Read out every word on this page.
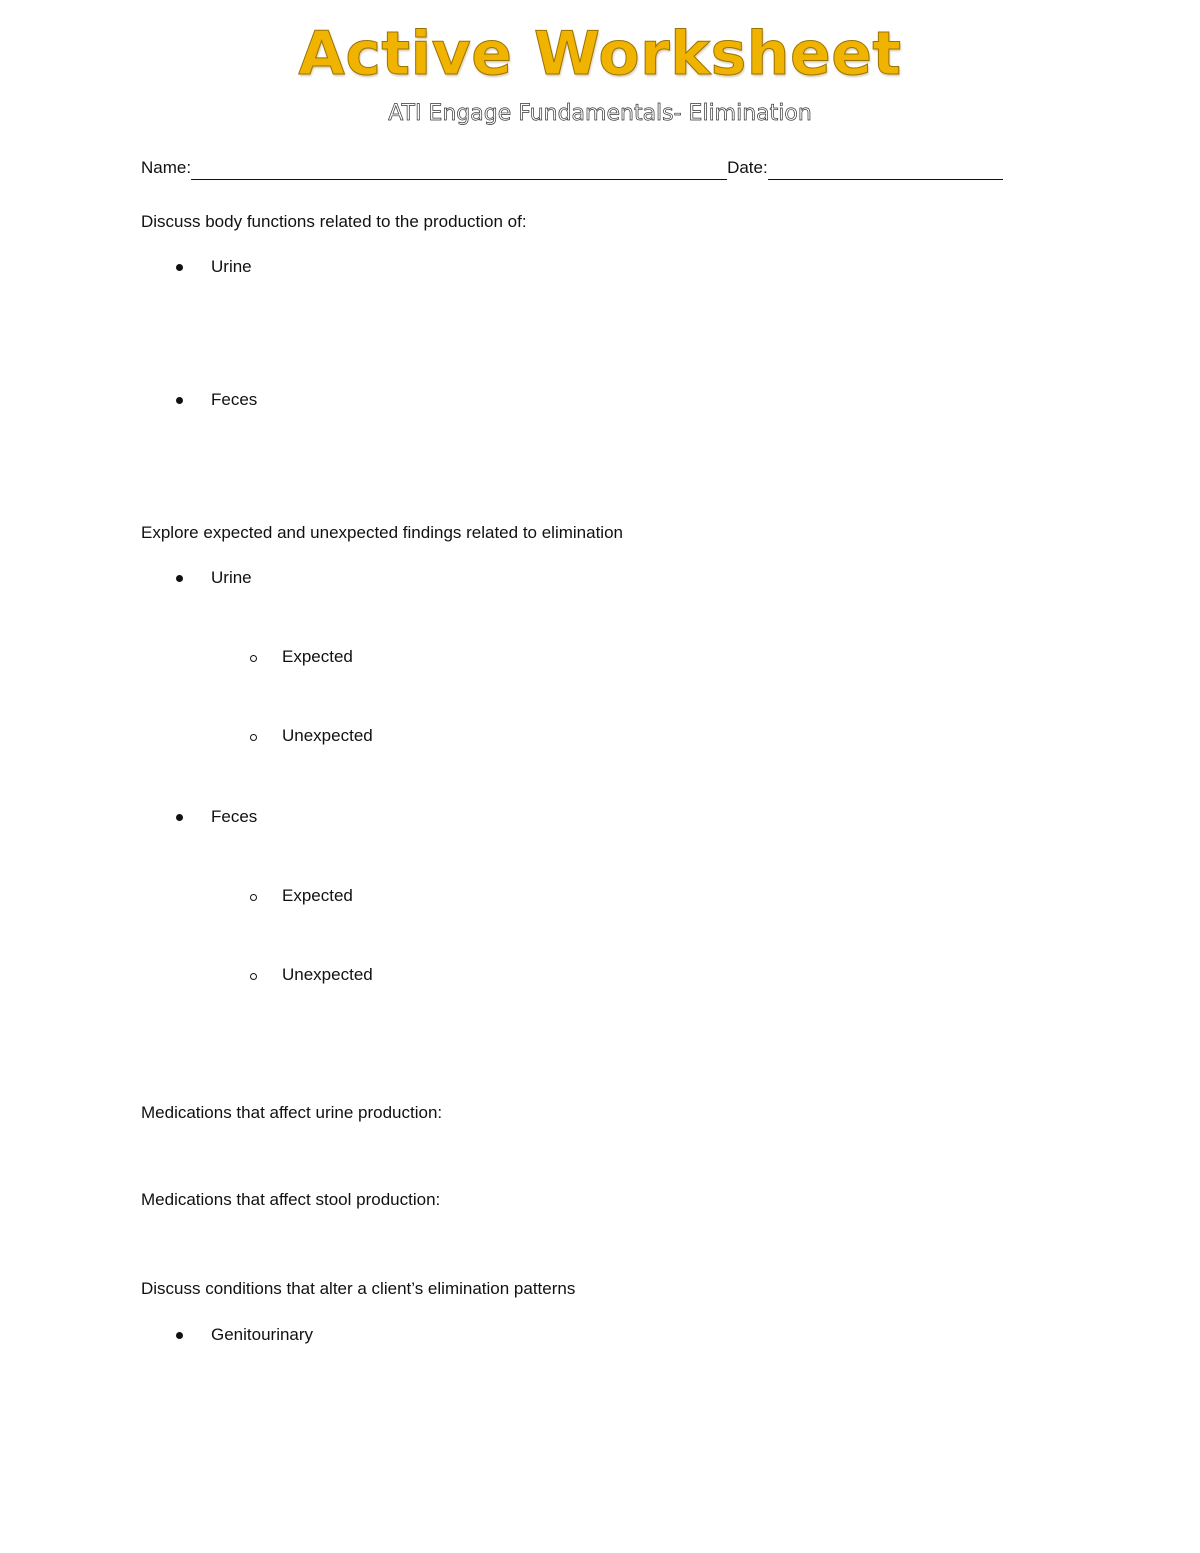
Active Worksheet
ATI Engage Fundamentals- Elimination
Name:	Date:
Discuss body functions related to the production of:
Urine
Feces
Explore expected and unexpected findings related to elimination
Urine
Expected
Unexpected
Feces
Expected
Unexpected
Medications that affect urine production:
Medications that affect stool production:
Discuss conditions that alter a client’s elimination patterns
Genitourinary
